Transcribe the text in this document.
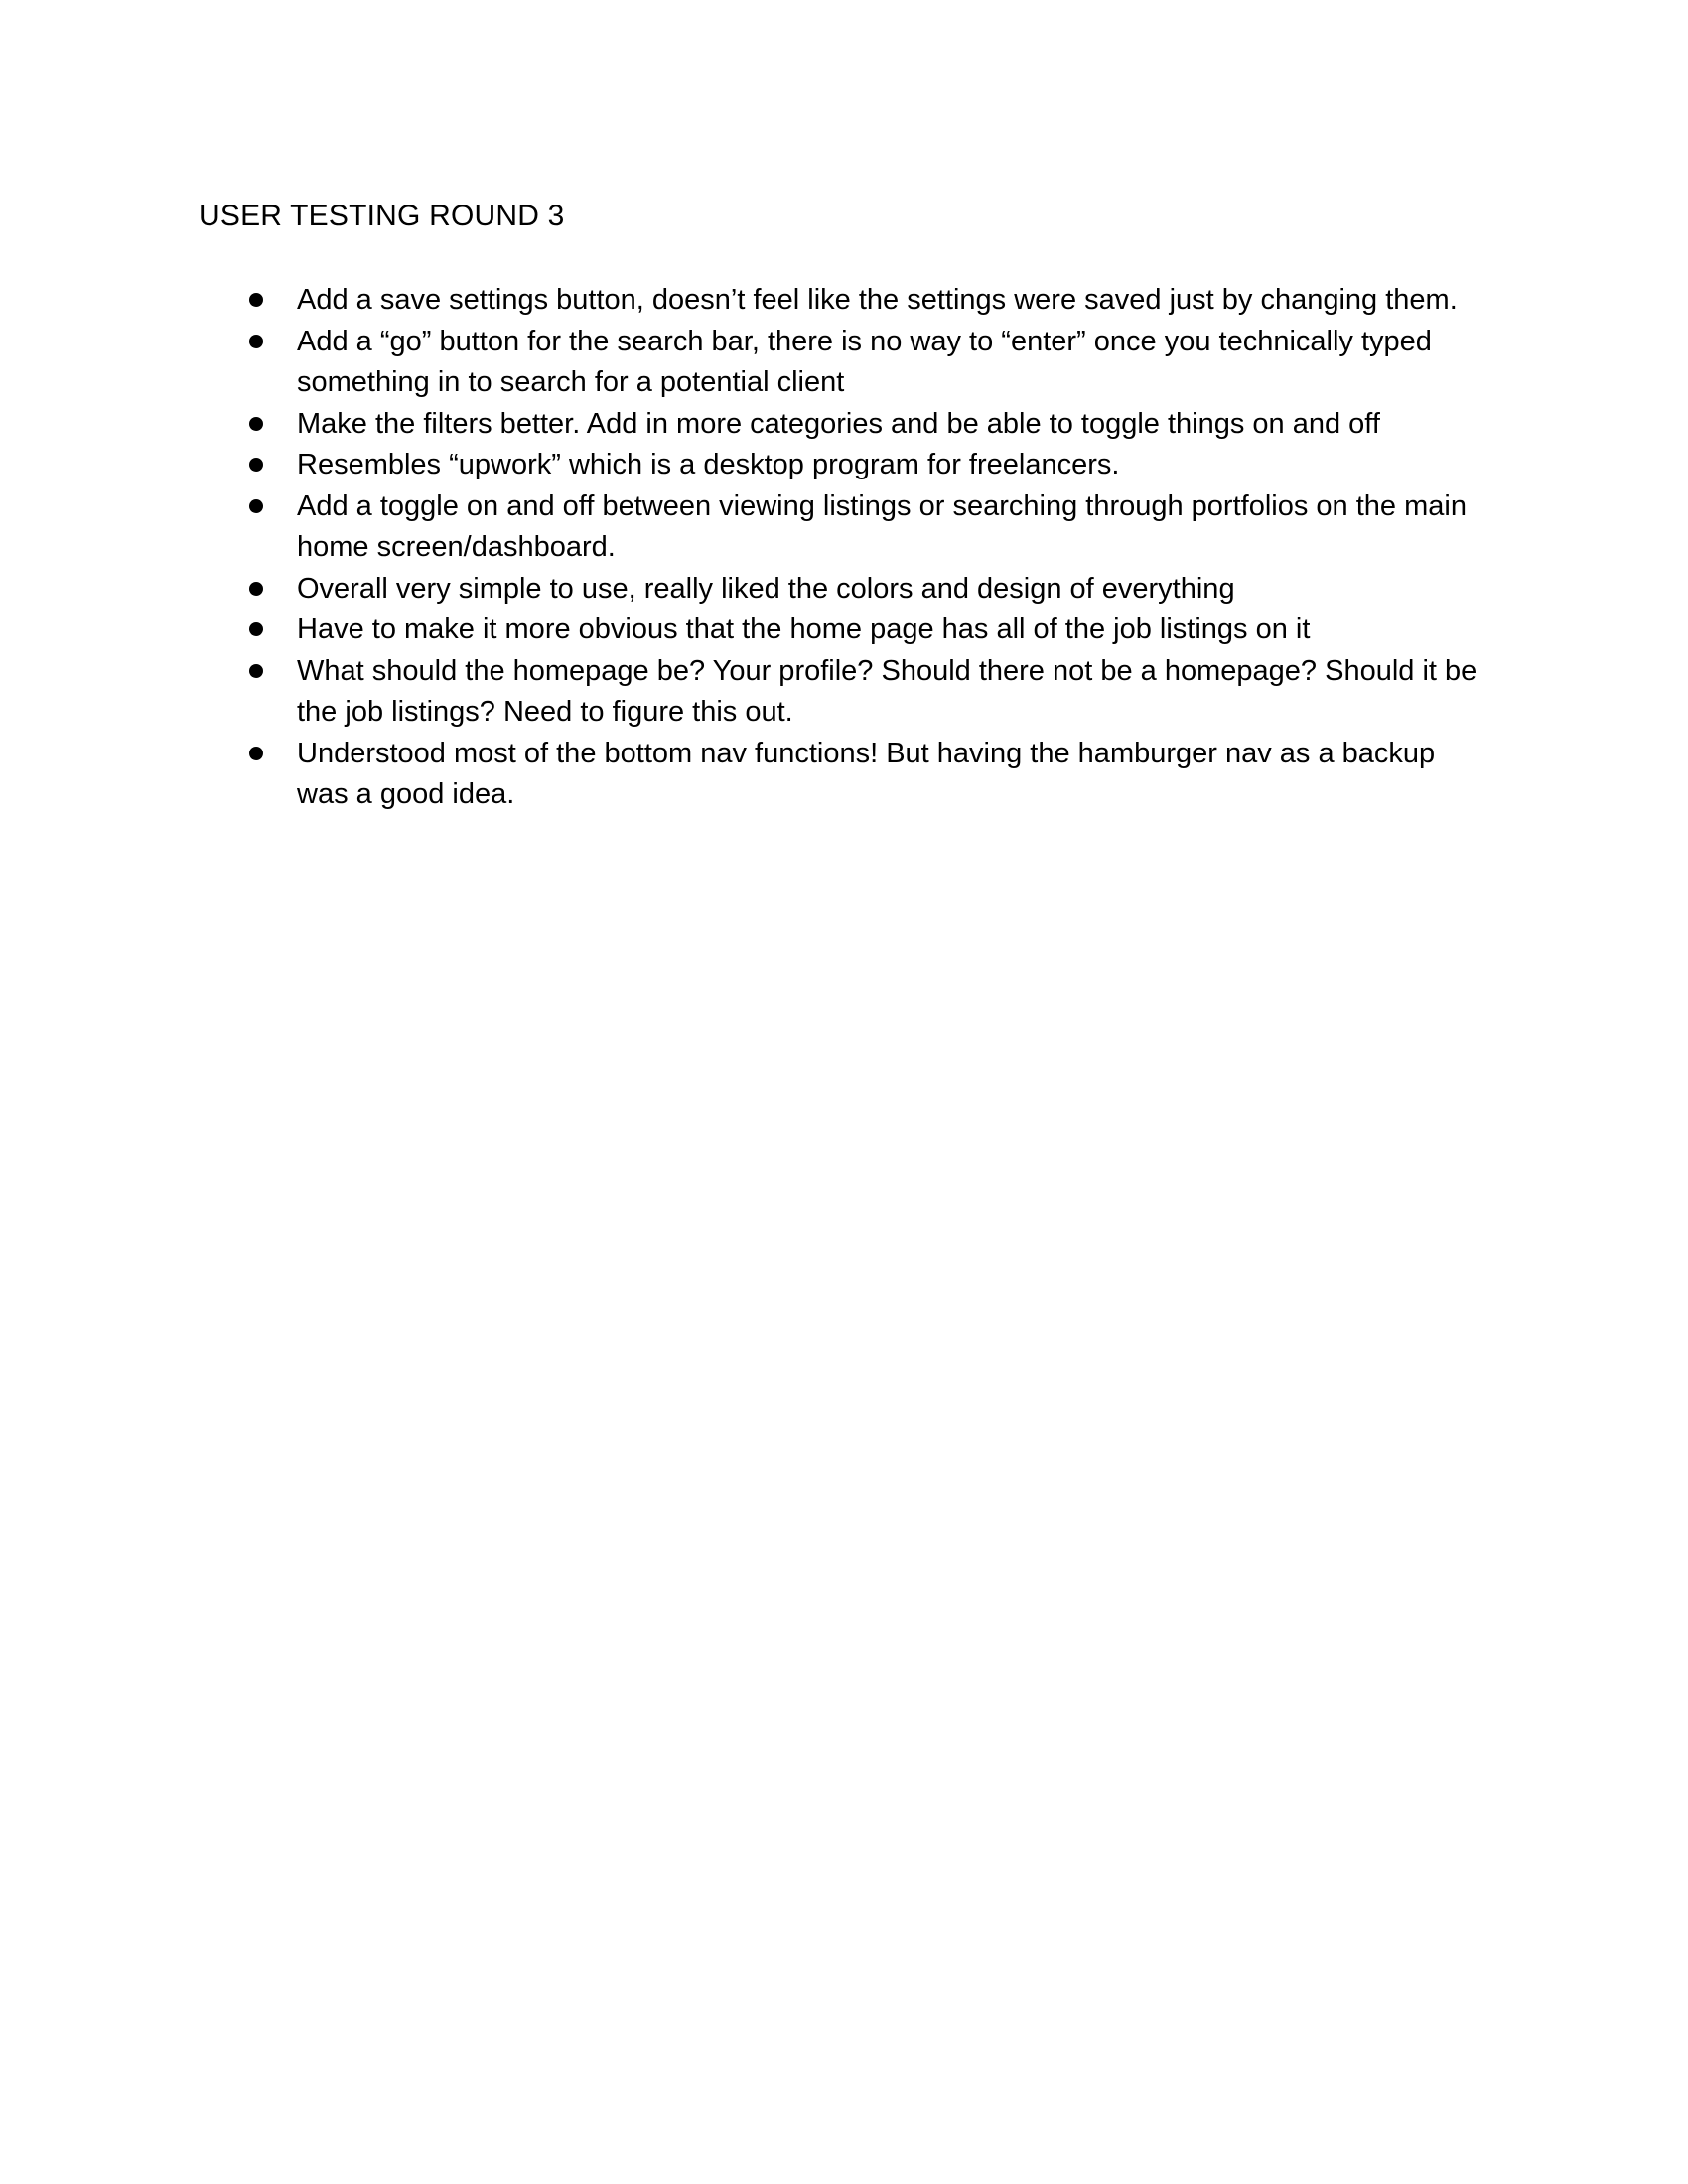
USER TESTING ROUND 3
Add a save settings button, doesn’t feel like the settings were saved just by changing them.
Add a “go” button for the search bar, there is no way to “enter” once you technically typed something in to search for a potential client
Make the filters better. Add in more categories and be able to toggle things on and off
Resembles “upwork” which is a desktop program for freelancers.
Add a toggle on and off between viewing listings or searching through portfolios on the main home screen/dashboard.
Overall very simple to use, really liked the colors and design of everything
Have to make it more obvious that the home page has all of the job listings on it
What should the homepage be? Your profile? Should there not be a homepage? Should it be the job listings? Need to figure this out.
Understood most of the bottom nav functions! But having the hamburger nav as a backup was a good idea.
